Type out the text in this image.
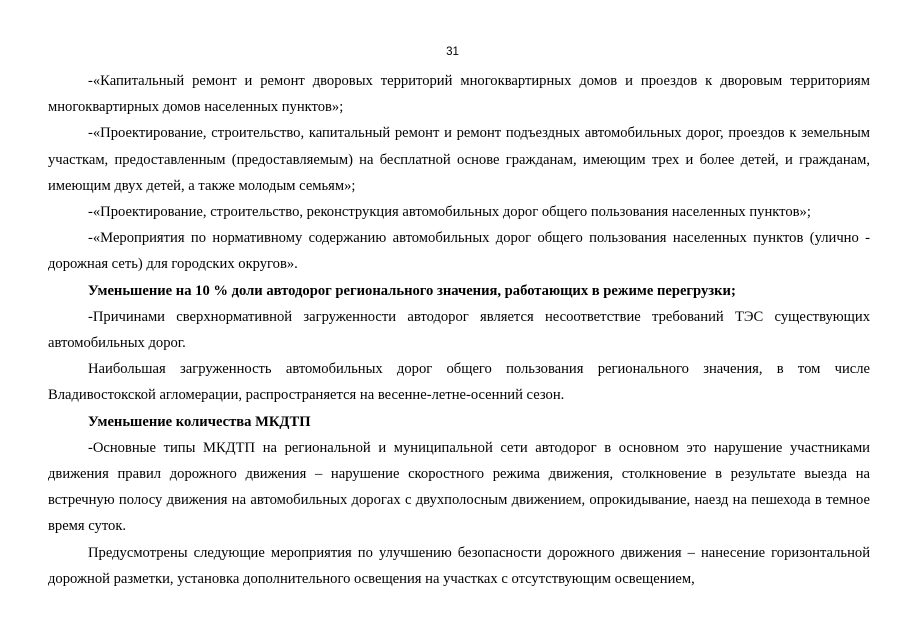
31

-«Капитальный ремонт и ремонт дворовых территорий многоквартирных домов и проездов к дворовым территориям многоквартирных домов населенных пунктов»;

-«Проектирование, строительство, капитальный ремонт и ремонт подъездных автомобильных дорог, проездов к земельным участкам, предоставленным (предоставляемым) на бесплатной основе гражданам, имеющим трех и более детей, и гражданам, имеющим двух детей, а также молодым семьям»;

-«Проектирование, строительство, реконструкция автомобильных дорог общего пользования населенных пунктов»;

-«Мероприятия по нормативному содержанию автомобильных дорог общего пользования населенных пунктов (улично - дорожная сеть) для городских округов».

Уменьшение на 10 % доли автодорог регионального значения, работающих в режиме перегрузки;

-Причинами сверхнормативной загруженности автодорог является несоответствие требований ТЭС существующих автомобильных дорог.

Наибольшая загруженность автомобильных дорог общего пользования регионального значения, в том числе Владивостокской агломерации, распространяется на весенне-летне-осенний сезон.

Уменьшение количества МКДТП

-Основные типы МКДТП на региональной и муниципальной сети автодорог в основном это нарушение участниками движения правил дорожного движения – нарушение скоростного режима движения, столкновение в результате выезда на встречную полосу движения на автомобильных дорогах с двухполосным движением, опрокидывание, наезд на пешехода в темное время суток.

Предусмотрены следующие мероприятия по улучшению безопасности дорожного движения – нанесение горизонтальной дорожной разметки, установка дополнительного освещения на участках с отсутствующим освещением,
